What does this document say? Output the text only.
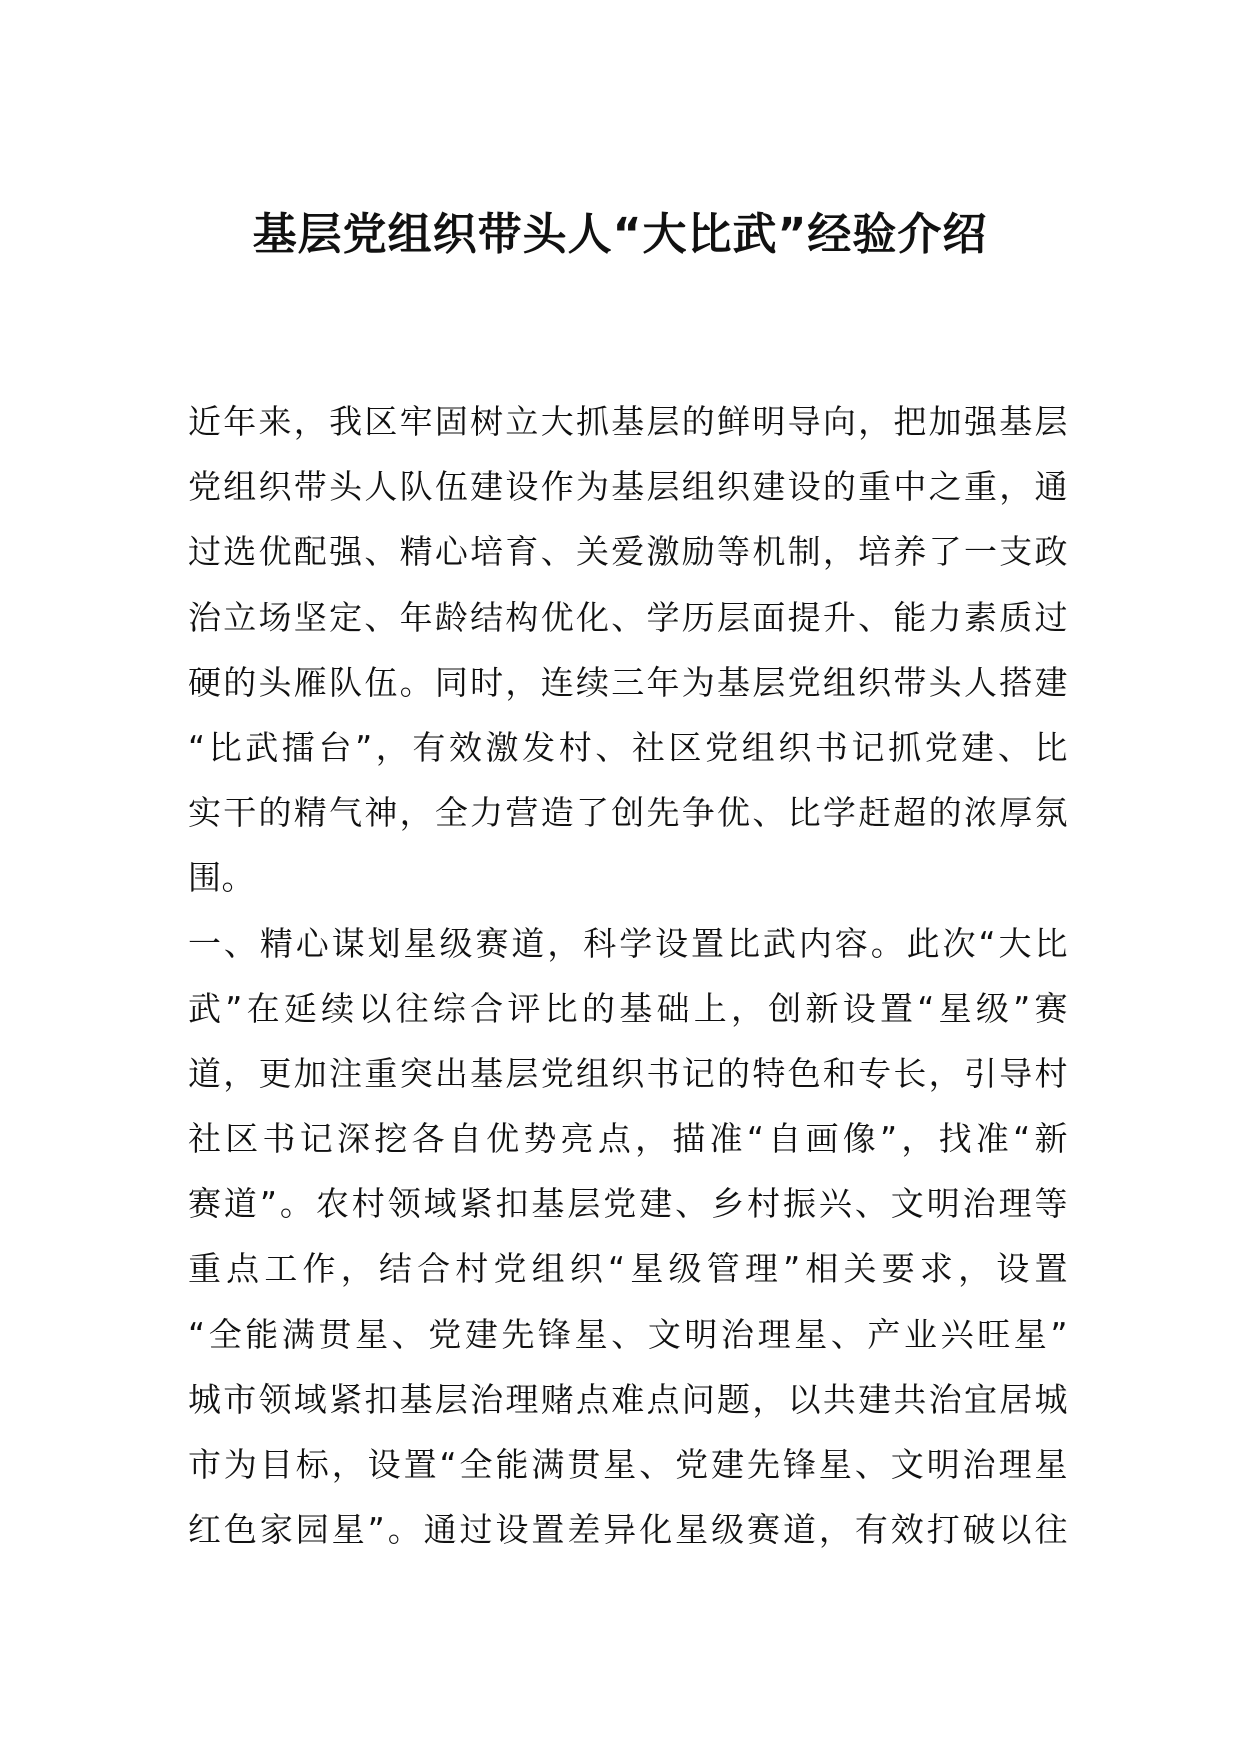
基层党组织带头人“大比武”经验介绍
近年来，我区牢固树立大抓基层的鲜明导向，把加强基层
党组织带头人队伍建设作为基层组织建设的重中之重，通
过选优配强、精心培育、关爱激励等机制，培养了一支政
治立场坚定、年龄结构优化、学历层面提升、能力素质过
硬的头雁队伍。同时，连续三年为基层党组织带头人搭建
“比武擂台”，有效激发村、社区党组织书记抓党建、比
实干的精气神，全力营造了创先争优、比学赶超的浓厚氛
围。
一、精心谋划星级赛道，科学设置比武内容。此次“大比
武”在延续以往综合评比的基础上，创新设置“星级”赛
道，更加注重突出基层党组织书记的特色和专长，引导村
社区书记深挖各自优势亮点，描准“自画像”，找准“新
赛道”。农村领域紧扣基层党建、乡村振兴、文明治理等
重点工作，结合村党组织“星级管理”相关要求，设置
“全能满贯星、党建先锋星、文明治理星、产业兴旺星”
城市领域紧扣基层治理赌点难点问题，以共建共治宜居城
市为目标，设置“全能满贯星、党建先锋星、文明治理星
红色家园星”。通过设置差异化星级赛道，有效打破以往
